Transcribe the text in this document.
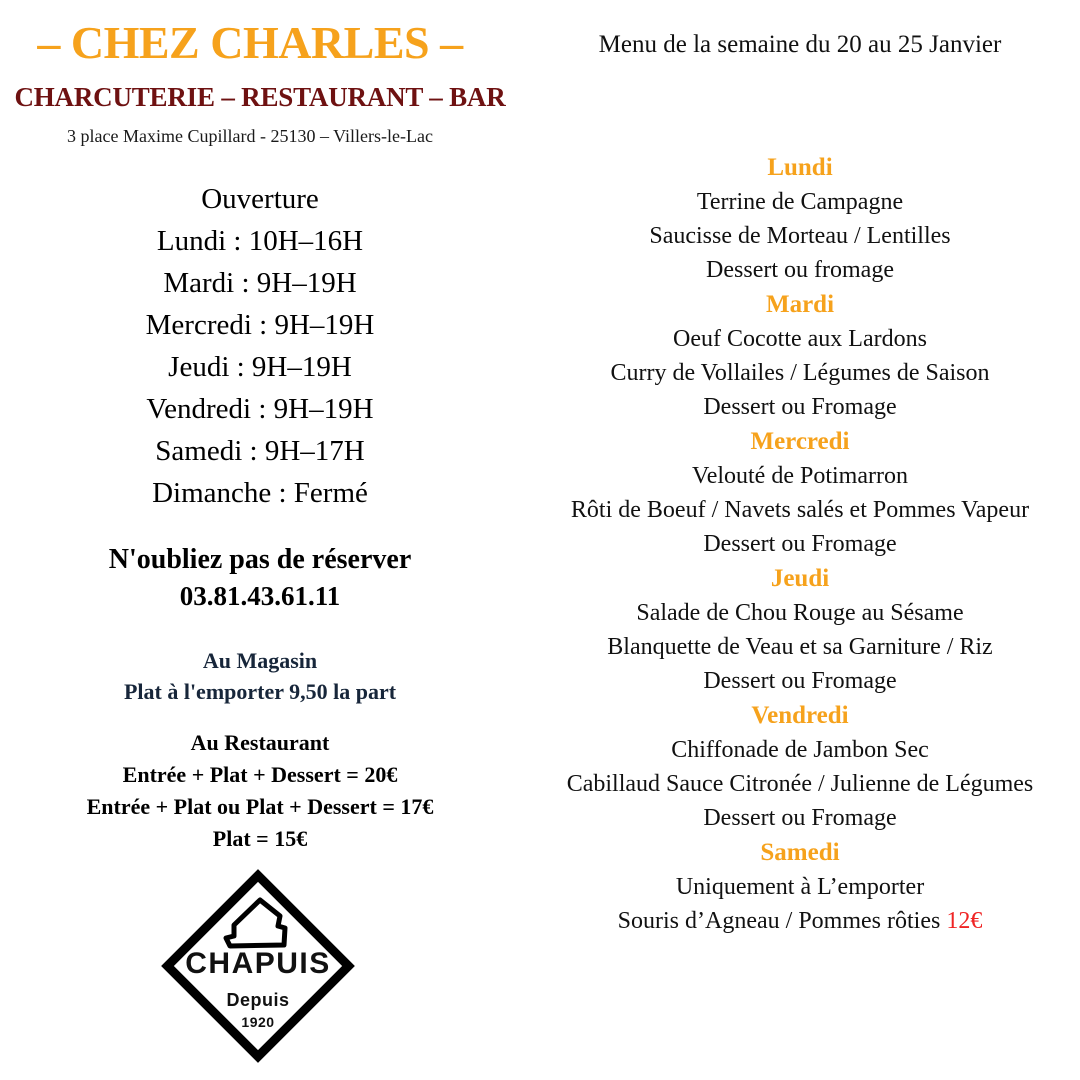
– CHEZ CHARLES –
CHARCUTERIE – RESTAURANT – BAR
3 place Maxime Cupillard - 25130 – Villers-le-Lac
Ouverture
Lundi : 10H–16H
Mardi : 9H–19H
Mercredi : 9H–19H
Jeudi : 9H–19H
Vendredi : 9H–19H
Samedi : 9H–17H
Dimanche : Fermé
N'oubliez pas de réserver
03.81.43.61.11
Au Magasin
Plat à l'emporter 9,50 la part
Au Restaurant
Entrée + Plat + Dessert = 20€
Entrée + Plat ou Plat + Dessert = 17€
Plat = 15€
CHAPUIS
Depuis
1920
Menu de la semaine du 20 au 25 Janvier
Lundi
Terrine de Campagne
Saucisse de Morteau / Lentilles
Dessert ou fromage
Mardi
Oeuf Cocotte aux Lardons
Curry de Vollailes / Légumes de Saison
Dessert ou Fromage
Mercredi
Velouté de Potimarron
Rôti de Boeuf / Navets salés et Pommes Vapeur
Dessert ou Fromage
Jeudi
Salade de Chou Rouge au Sésame
Blanquette de Veau et sa Garniture / Riz
Dessert ou Fromage
Vendredi
Chiffonade de Jambon Sec
Cabillaud Sauce Citronée / Julienne de Légumes
Dessert ou Fromage
Samedi
Uniquement à L’emporter
Souris d’Agneau / Pommes rôties 12€
